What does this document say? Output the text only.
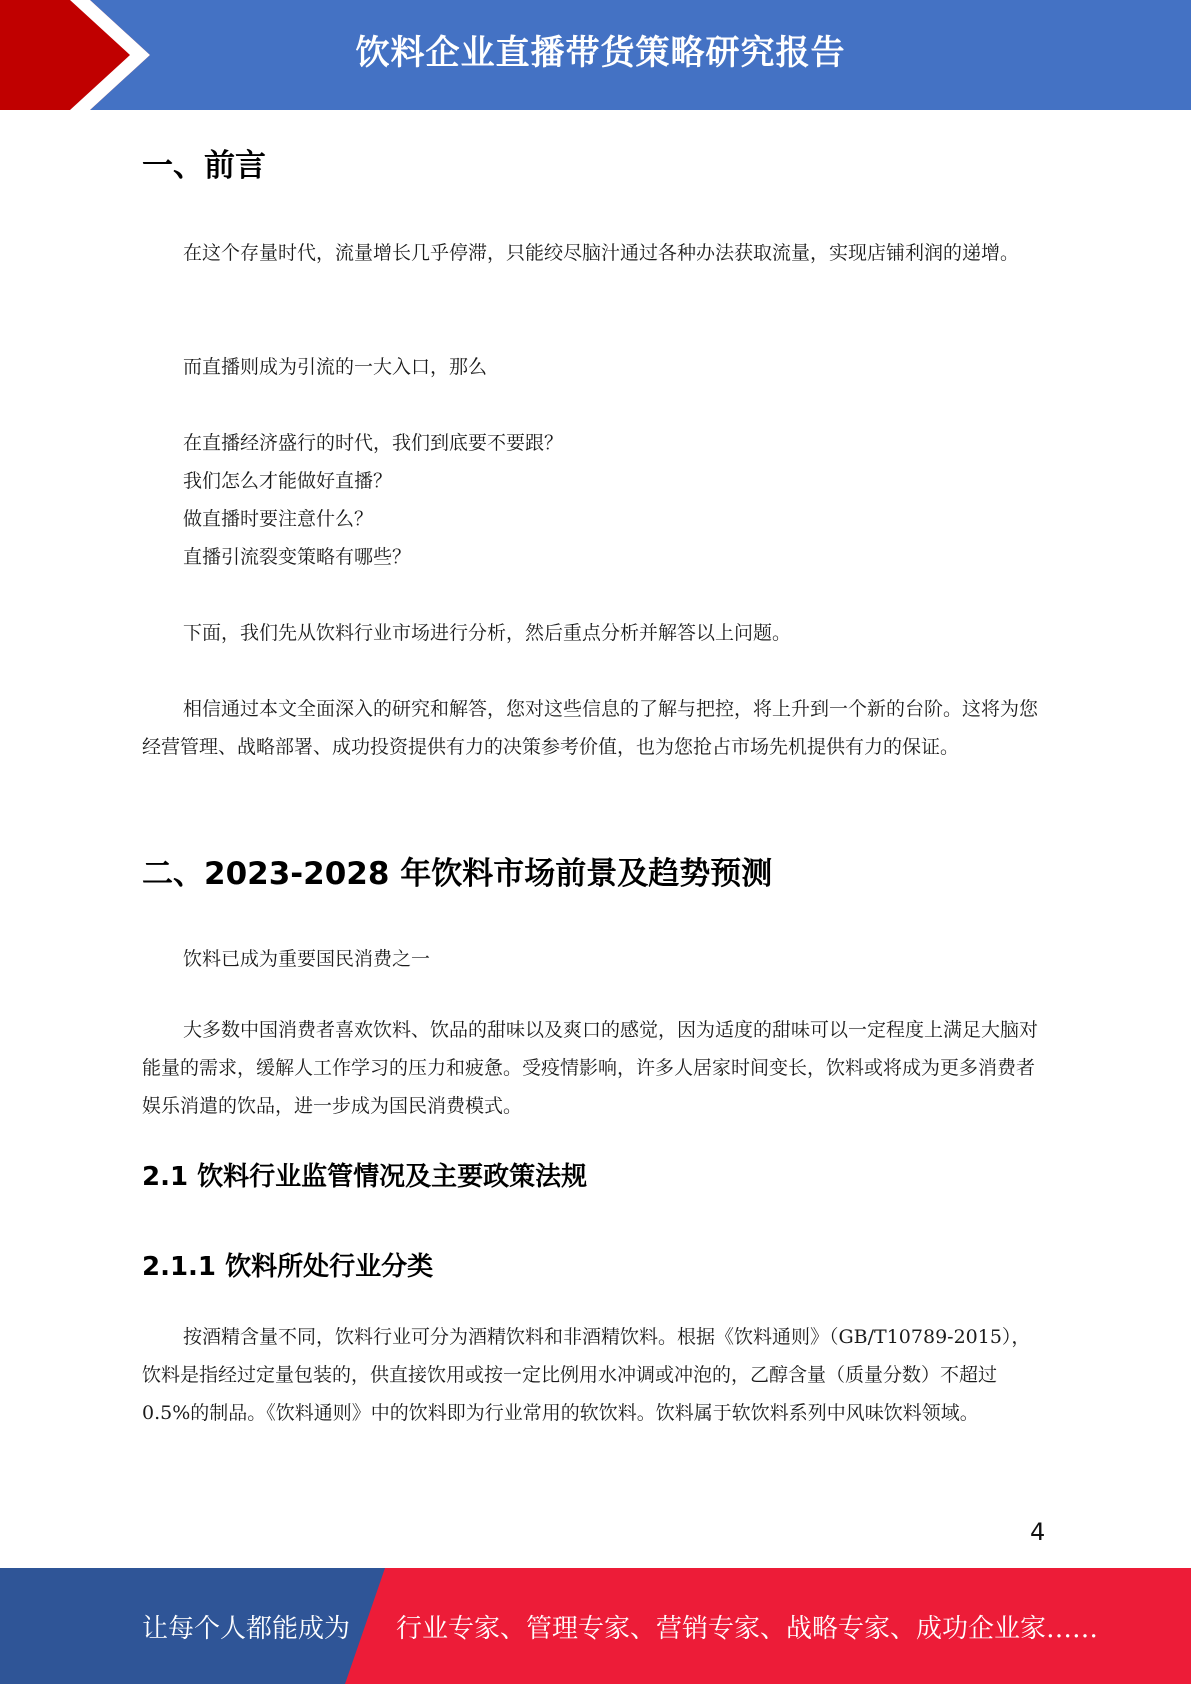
饮料企业直播带货策略研究报告
一、前言
在这个存量时代，流量增长几乎停滞，只能绞尽脑汁通过各种办法获取流量，实现店铺利润的递增。
而直播则成为引流的一大入口，那么
在直播经济盛行的时代，我们到底要不要跟？
我们怎么才能做好直播？
做直播时要注意什么？
直播引流裂变策略有哪些？
下面，我们先从饮料行业市场进行分析，然后重点分析并解答以上问题。
相信通过本文全面深入的研究和解答，您对这些信息的了解与把控，将上升到一个新的台阶。这将为您经营管理、战略部署、成功投资提供有力的决策参考价值，也为您抢占市场先机提供有力的保证。
二、2023-2028 年饮料市场前景及趋势预测
饮料已成为重要国民消费之一
大多数中国消费者喜欢饮料、饮品的甜味以及爽口的感觉，因为适度的甜味可以一定程度上满足大脑对能量的需求，缓解人工作学习的压力和疲惫。受疫情影响，许多人居家时间变长，饮料或将成为更多消费者娱乐消遣的饮品，进一步成为国民消费模式。
2.1 饮料行业监管情况及主要政策法规
2.1.1 饮料所处行业分类
按酒精含量不同，饮料行业可分为酒精饮料和非酒精饮料。根据《饮料通则》（GB/T10789-2015），饮料是指经过定量包装的，供直接饮用或按一定比例用水冲调或冲泡的，乙醇含量（质量分数）不超过 0.5%的制品。《饮料通则》中的饮料即为行业常用的软饮料。饮料属于软饮料系列中风味饮料领域。
4
让每个人都能成为 行业专家、管理专家、营销专家、战略专家、成功企业家……
